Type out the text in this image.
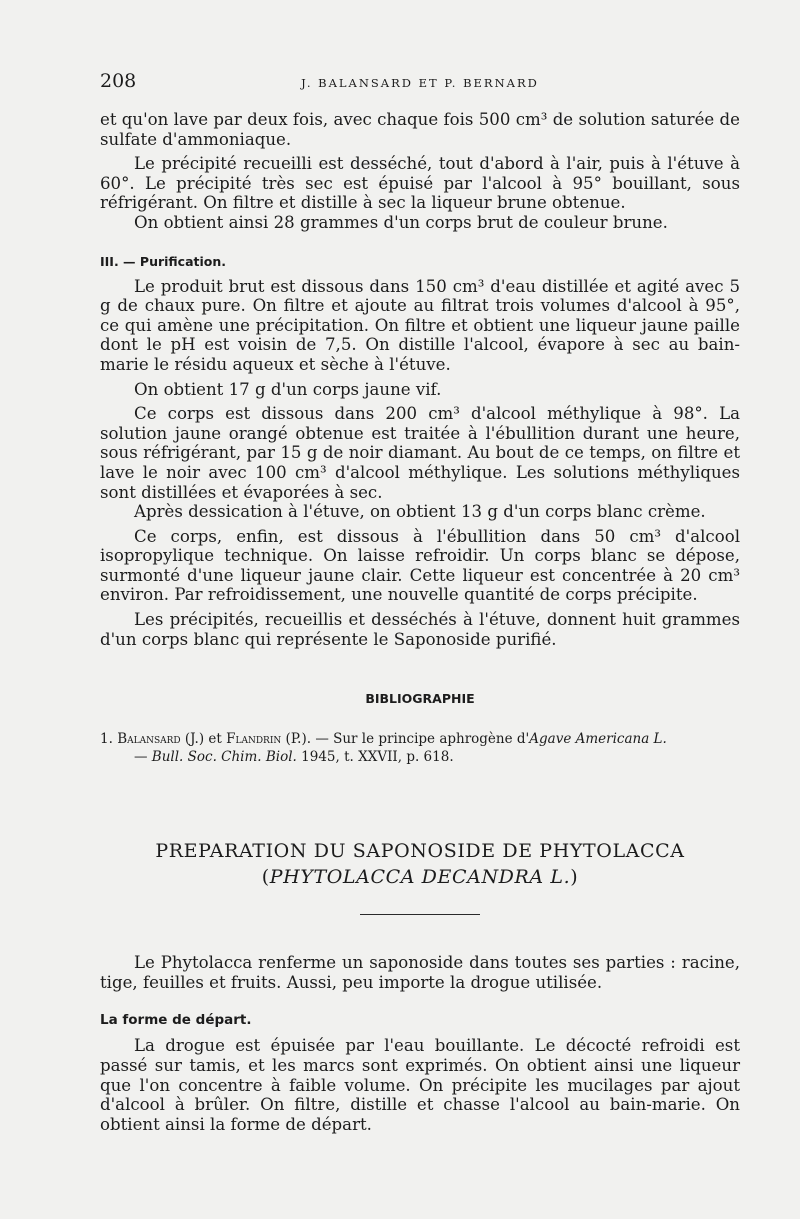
208	J. BALANSARD ET P. BERNARD

et qu'on lave par deux fois, avec chaque fois 500 cm³ de solution saturée de sulfate d'ammoniaque.

Le précipité recueilli est desséché, tout d'abord à l'air, puis à l'étuve à 60°. Le précipité très sec est épuisé par l'alcool à 95° bouillant, sous réfrigérant. On filtre et distille à sec la liqueur brune obtenue.

On obtient ainsi 28 grammes d'un corps brut de couleur brune.

III. — Purification.

Le produit brut est dissous dans 150 cm³ d'eau distillée et agité avec 5 g de chaux pure. On filtre et ajoute au filtrat trois volumes d'alcool à 95°, ce qui amène une précipitation. On filtre et obtient une liqueur jaune paille dont le pH est voisin de 7,5. On distille l'alcool, évapore à sec au bain-marie le résidu aqueux et sèche à l'étuve.

On obtient 17 g d'un corps jaune vif.

Ce corps est dissous dans 200 cm³ d'alcool méthylique à 98°. La solution jaune orangé obtenue est traitée à l'ébullition durant une heure, sous réfrigérant, par 15 g de noir diamant. Au bout de ce temps, on filtre et lave le noir avec 100 cm³ d'alcool méthylique. Les solutions méthyliques sont distillées et évaporées à sec.

Après dessication à l'étuve, on obtient 13 g d'un corps blanc crème.

Ce corps, enfin, est dissous à l'ébullition dans 50 cm³ d'alcool isopropylique technique. On laisse refroidir. Un corps blanc se dépose, surmonté d'une liqueur jaune clair. Cette liqueur est concentrée à 20 cm³ environ. Par refroidissement, une nouvelle quantité de corps précipite.

Les précipités, recueillis et desséchés à l'étuve, donnent huit grammes d'un corps blanc qui représente le Saponoside purifié.

BIBLIOGRAPHIE
1. Balansard (J.) et Flandrin (P.). — Sur le principe aphrogène d'Agave Americana L.
— Bull. Soc. Chim. Biol. 1945, t. XXVII, p. 618.
PREPARATION DU SAPONOSIDE DE PHYTOLACCA
(PHYTOLACCA DECANDRA L.)

Le Phytolacca renferme un saponoside dans toutes ses parties : racine, tige, feuilles et fruits. Aussi, peu importe la drogue utilisée.

La forme de départ.

La drogue est épuisée par l'eau bouillante. Le décocté refroidi est passé sur tamis, et les marcs sont exprimés. On obtient ainsi une liqueur que l'on concentre à faible volume. On précipite les mucilages par ajout d'alcool à brûler. On filtre, distille et chasse l'alcool au bain-marie. On obtient ainsi la forme de départ.
